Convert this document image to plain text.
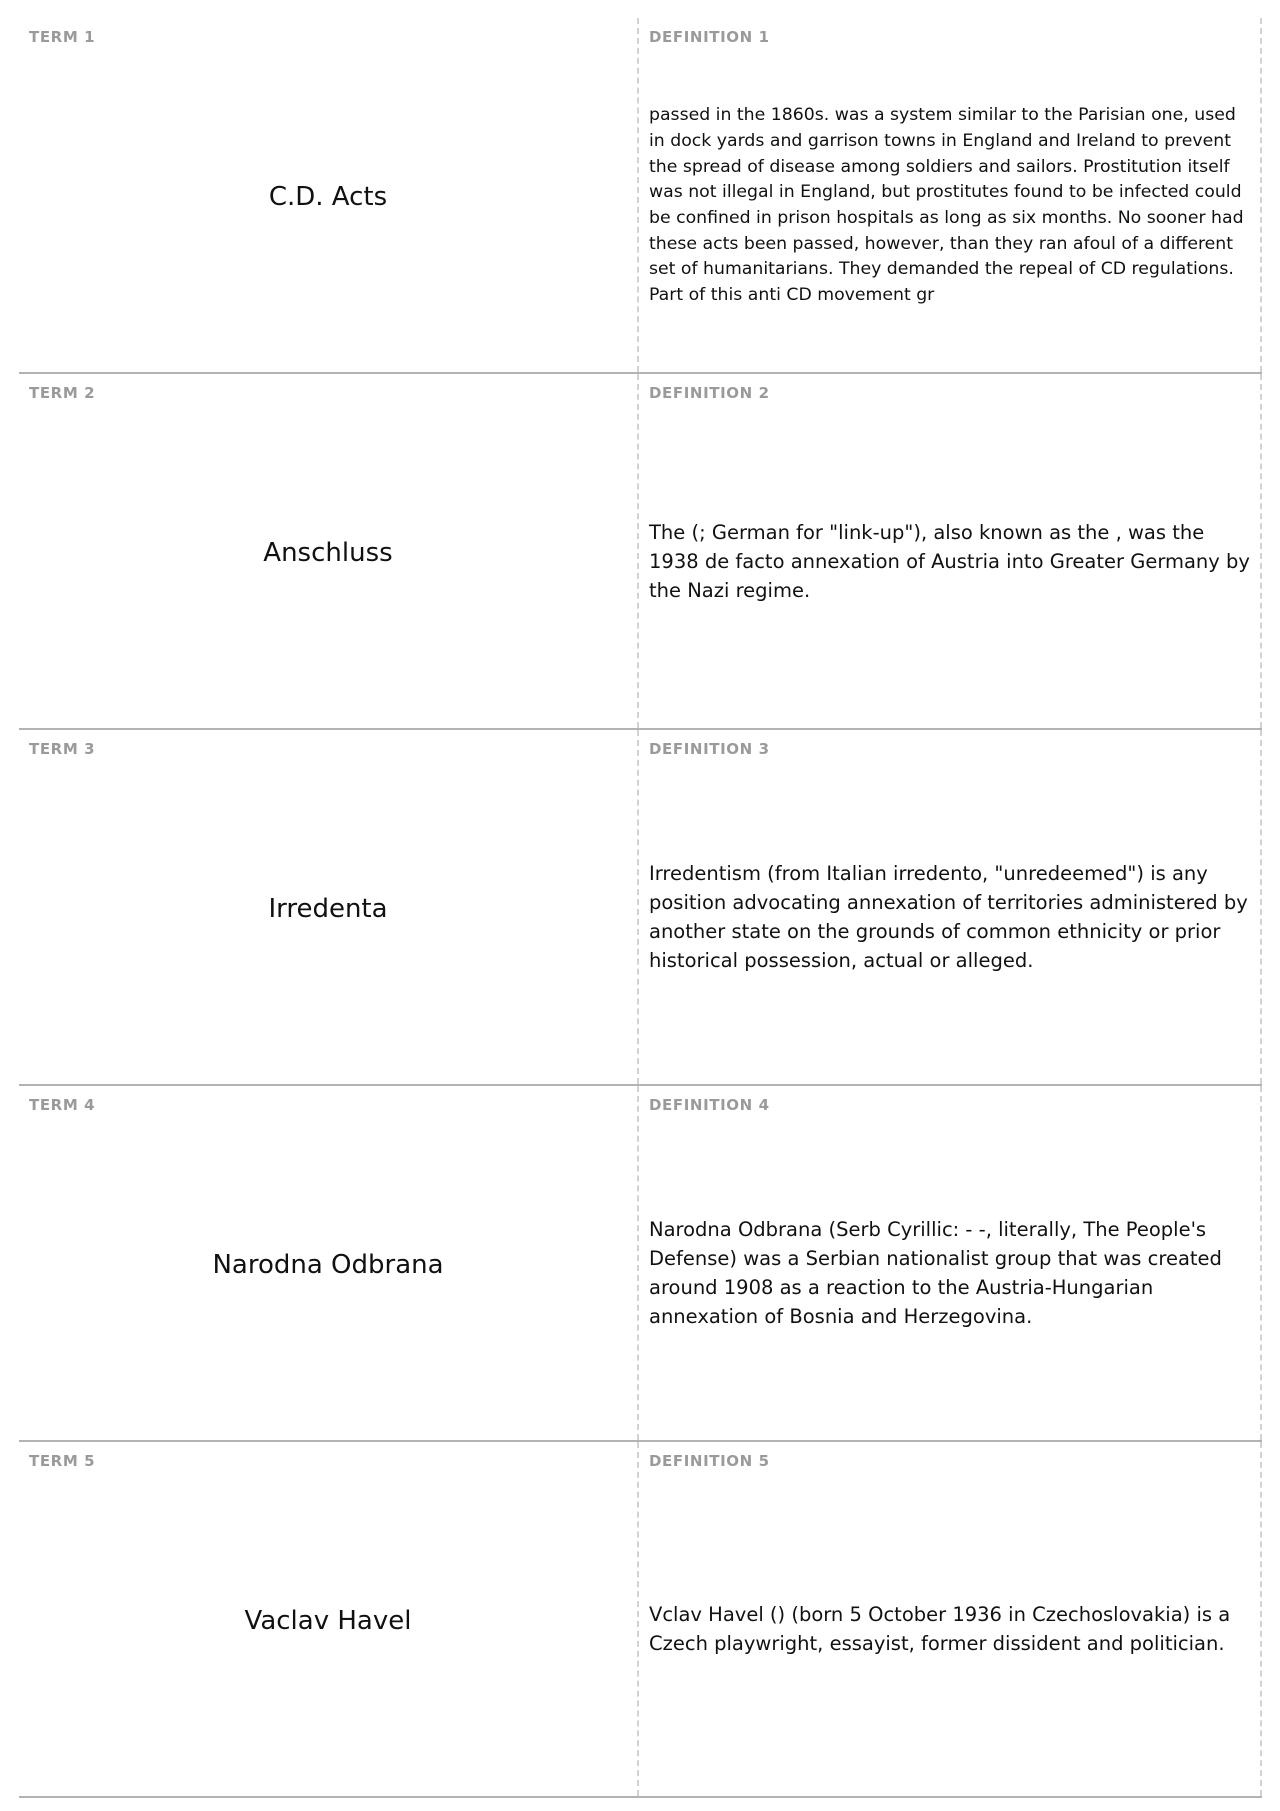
TERM 1
C.D. Acts
DEFINITION 1
passed in the 1860s. was a system similar to the Parisian one, used in dock yards and garrison towns in England and Ireland to prevent the spread of disease among soldiers and sailors. Prostitution itself was not illegal in England, but prostitutes found to be infected could be confined in prison hospitals as long as six months. No sooner had these acts been passed, however, than they ran afoul of a different set of humanitarians. They demanded the repeal of CD regulations. Part of this anti CD movement gr
TERM 2
Anschluss
DEFINITION 2
The (; German for "link-up"), also known as the , was the 1938 de facto annexation of Austria into Greater Germany by the Nazi regime.
TERM 3
Irredenta
DEFINITION 3
Irredentism (from Italian irredento, "unredeemed") is any position advocating annexation of territories administered by another state on the grounds of common ethnicity or prior historical possession, actual or alleged.
TERM 4
Narodna Odbrana
DEFINITION 4
Narodna Odbrana (Serb Cyrillic: - -, literally, The People's Defense) was a Serbian nationalist group that was created around 1908 as a reaction to the Austria-Hungarian annexation of Bosnia and Herzegovina.
TERM 5
Vaclav Havel
DEFINITION 5
Vclav Havel () (born 5 October 1936 in Czechoslovakia) is a Czech playwright, essayist, former dissident and politician.
